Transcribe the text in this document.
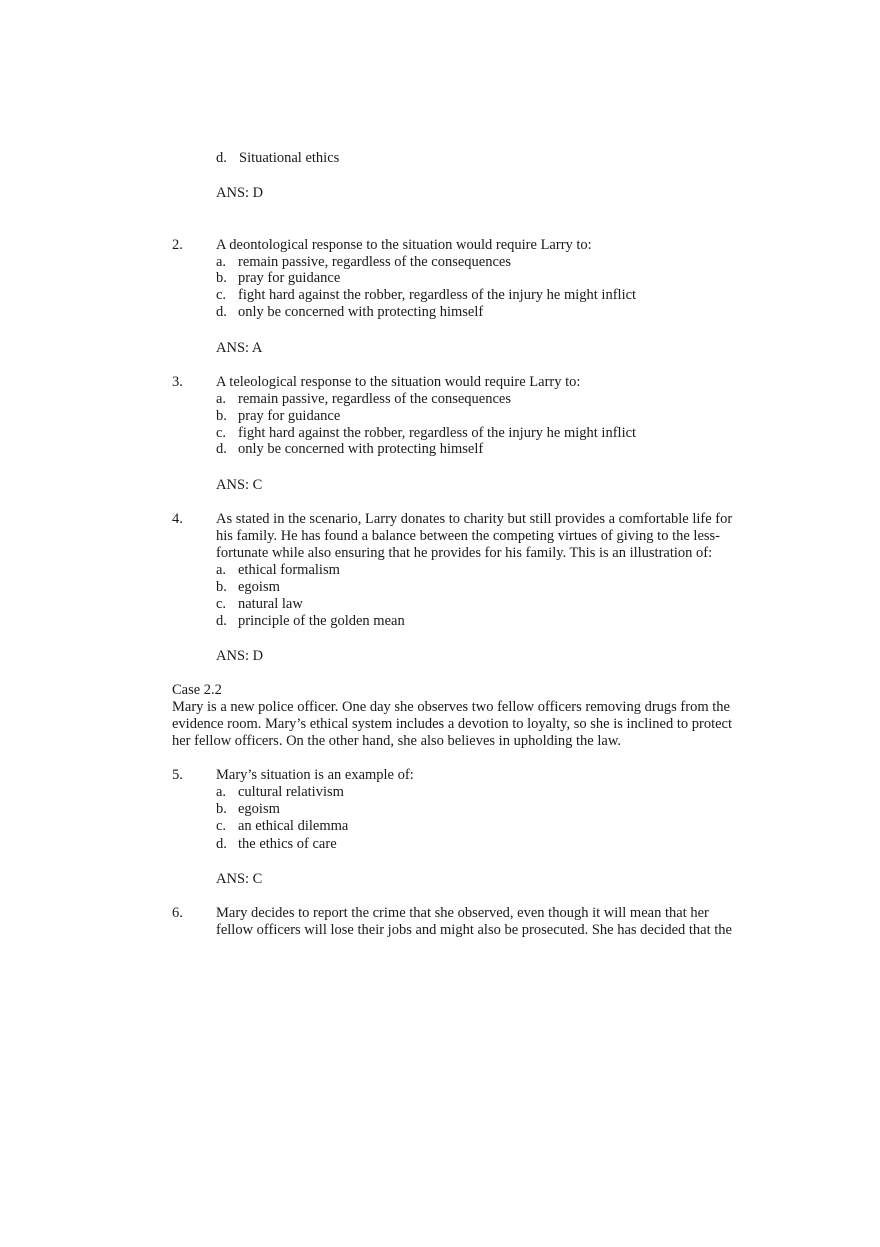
d. Situational ethics
ANS: D
2. A deontological response to the situation would require Larry to:
a. remain passive, regardless of the consequences
b. pray for guidance
c. fight hard against the robber, regardless of the injury he might inflict
d. only be concerned with protecting himself
ANS: A
3. A teleological response to the situation would require Larry to:
a. remain passive, regardless of the consequences
b. pray for guidance
c. fight hard against the robber, regardless of the injury he might inflict
d. only be concerned with protecting himself
ANS: C
4. As stated in the scenario, Larry donates to charity but still provides a comfortable life for
his family. He has found a balance between the competing virtues of giving to the less-
fortunate while also ensuring that he provides for his family. This is an illustration of:
a. ethical formalism
b. egoism
c. natural law
d. principle of the golden mean
ANS: D
Case 2.2
Mary is a new police officer. One day she observes two fellow officers removing drugs from the
evidence room. Mary’s ethical system includes a devotion to loyalty, so she is inclined to protect
her fellow officers. On the other hand, she also believes in upholding the law.
5. Mary’s situation is an example of:
a. cultural relativism
b. egoism
c. an ethical dilemma
d. the ethics of care
ANS: C
6. Mary decides to report the crime that she observed, even though it will mean that her
fellow officers will lose their jobs and might also be prosecuted. She has decided that the
